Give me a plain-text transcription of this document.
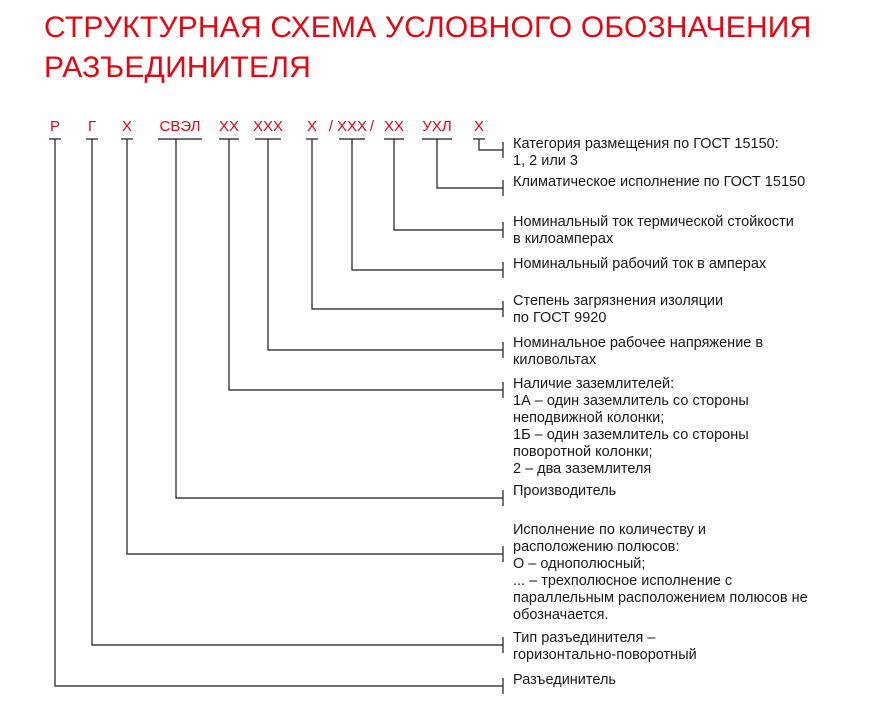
СТРУКТУРНАЯ СХЕМА УСЛОВНОГО ОБОЗНАЧЕНИЯ
РАЗЪЕДИНИТЕЛЯ
Р Г Х СВЭЛ ХХ ХХХ Х / ХХХ / ХХ УХЛ Х
Категория размещения по ГОСТ 15150: 1, 2 или 3
Климатическое исполнение по ГОСТ 15150
Номинальный ток термической стойкости в килоамперах
Номинальный рабочий ток в амперах
Степень загрязнения изоляции по ГОСТ 9920
Номинальное рабочее напряжение в киловольтах
Наличие заземлителей: 1А – один заземлитель со стороны неподвижной колонки; 1Б – один заземлитель со стороны поворотной колонки; 2 – два заземлителя
Производитель
Исполнение по количеству и расположению полюсов: О – однополюсный; ... – трехполюсное исполнение с параллельным расположением полюсов не обозначается.
Тип разъединителя – горизонтально-поворотный
Разъединитель
